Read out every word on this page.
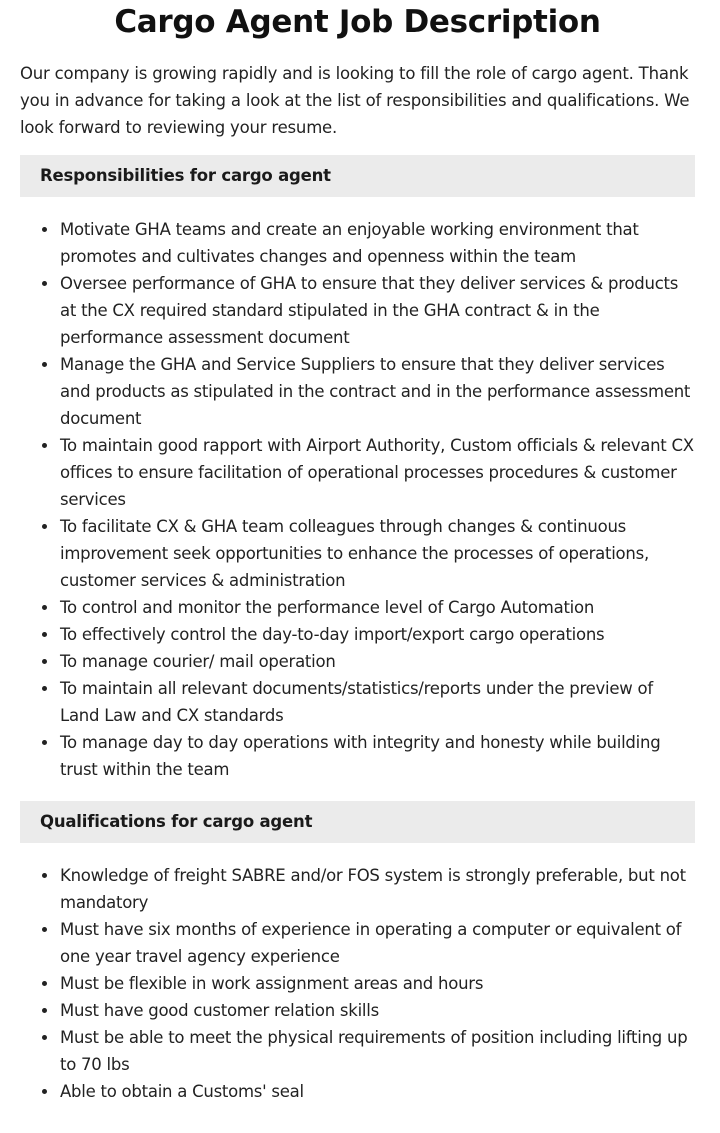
Cargo Agent Job Description

Our company is growing rapidly and is looking to fill the role of cargo agent. Thank you in advance for taking a look at the list of responsibilities and qualifications. We look forward to reviewing your resume.

Responsibilities for cargo agent
Motivate GHA teams and create an enjoyable working environment that promotes and cultivates changes and openness within the team
Oversee performance of GHA to ensure that they deliver services & products at the CX required standard stipulated in the GHA contract & in the performance assessment document
Manage the GHA and Service Suppliers to ensure that they deliver services and products as stipulated in the contract and in the performance assessment document
To maintain good rapport with Airport Authority, Custom officials & relevant CX offices to ensure facilitation of operational processes procedures & customer services
To facilitate CX & GHA team colleagues through changes & continuous improvement seek opportunities to enhance the processes of operations, customer services & administration
To control and monitor the performance level of Cargo Automation
To effectively control the day-to-day import/export cargo operations
To manage courier/ mail operation
To maintain all relevant documents/statistics/reports under the preview of Land Law and CX standards
To manage day to day operations with integrity and honesty while building trust within the team
Qualifications for cargo agent
Knowledge of freight SABRE and/or FOS system is strongly preferable, but not mandatory
Must have six months of experience in operating a computer or equivalent of one year travel agency experience
Must be flexible in work assignment areas and hours
Must have good customer relation skills
Must be able to meet the physical requirements of position including lifting up to 70 lbs
Able to obtain a Customs' seal
